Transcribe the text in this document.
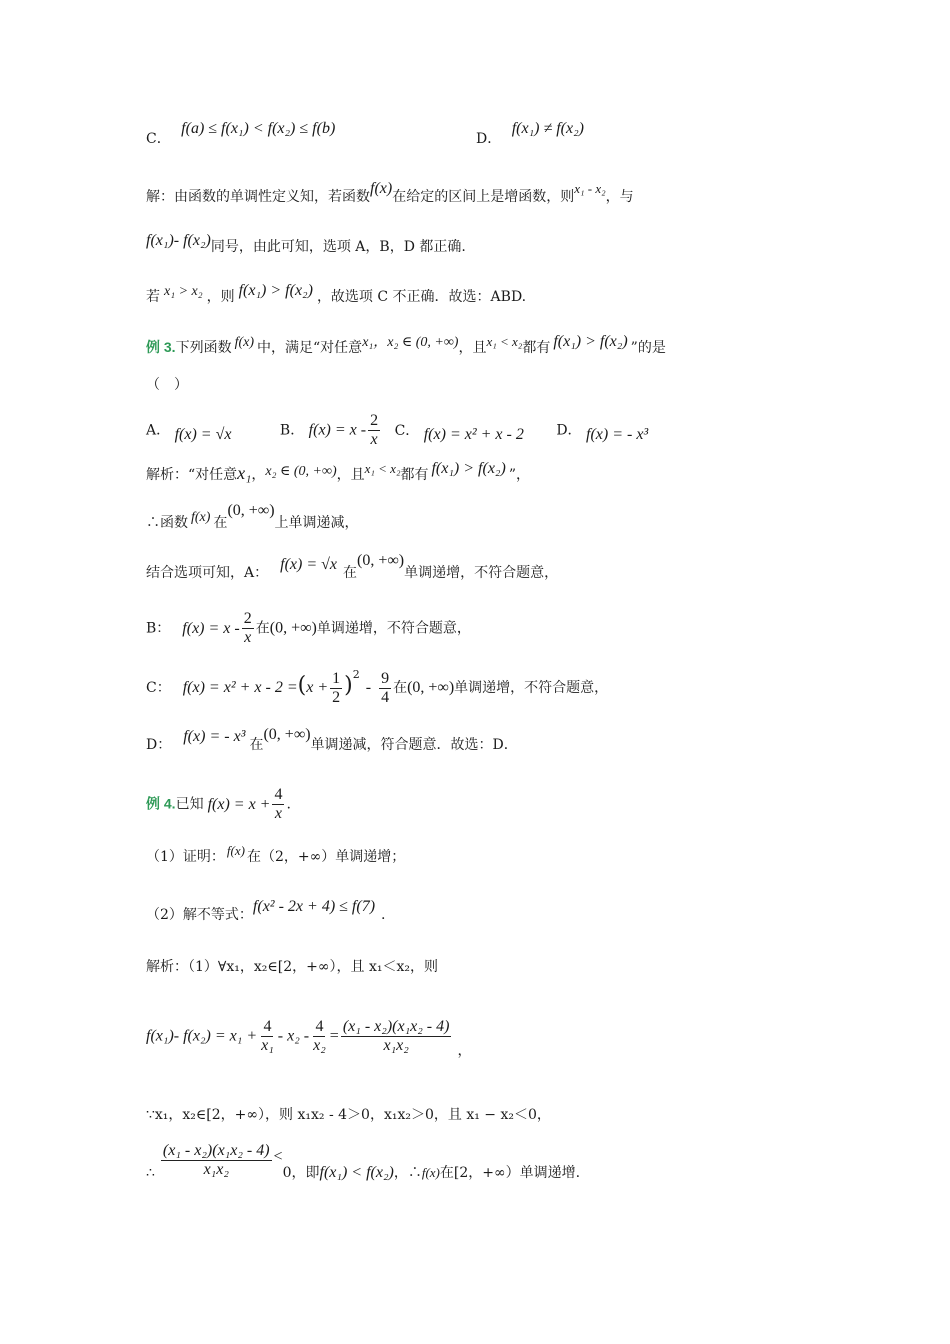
C． f(a) ≤ f(x₁) < f(x₂) ≤ f(b)
D． f(x₁) ≠ f(x₂)
解：由函数的单调性定义知，若函数f(x)在给定的区间上是增函数，则x₁ - x₂，与
f(x₁)- f(x₂)同号，由此可知，选项 A，B，D 都正确.
若 x₁ > x₂ ，则 f(x₁) > f(x₂) ，故选项 C 不正确．故选：ABD.
例 3.下列函数 f(x) 中，满足“对任意x₁，x₂ ∈ (0, +∞)，且x₁ < x₂都有 f(x₁) > f(x₂) ”的是
（　）
A． f(x) = √x	B． $f(x) = x - \frac{2}{x}$ C． f(x) = x² + x - 2 D． f(x) = - x³
解析：“对任意x₁，x₂ ∈ (0, +∞)，且x₁ < x₂都有 f(x₁) > f(x₂) ”，
∴函数 f(x) 在(0, +∞)上单调递减，
结合选项可知，A： f(x) = √x 在(0, +∞)单调递增，不符合题意，
B： $f(x) = x - \frac{2}{x}$ 在(0, +∞)单调递增，不符合题意，
C： $f(x) = x^2 + x - 2 =(x + \frac{1}{2} )^2- \frac{9}{4}$ 在(0, +∞)单调递增，不符合题意，
D： f(x) = - x³ 在(0, +∞)单调递减，符合题意．故选：D．
例 4.已知 $f(x) = x + \frac{4}{x}$ .
（1）证明： f(x) 在（2，+∞）单调递增；
（2）解不等式：f(x² - 2x + 4) ≤ f(7) .
解析：（1）∀x₁，x₂∈[2，+∞），且 x₁＜x₂，则
f(x₁)- $f(x_2) = x_1 + \frac{4}{\text{x₁}} - x_2 - \frac{4}{\text{x₂}} = \frac{\text{(x₁ - x₂)(x₁x₂ - 4)}}{\text{x₁x₂}}$ ，
∵x₁，x₂∈[2，+∞），则 x₁x₂ - 4＞0，x₁x₂＞0，且 x₁ − x₂＜0，
∴ $\frac{\text{(x₁ - x₂)(x₁x₂ - 4)}}{\text{x₁x₂}} <0$，即f(x₁) < f(x₂)，∴f(x)在[2，+∞）单调递增.
